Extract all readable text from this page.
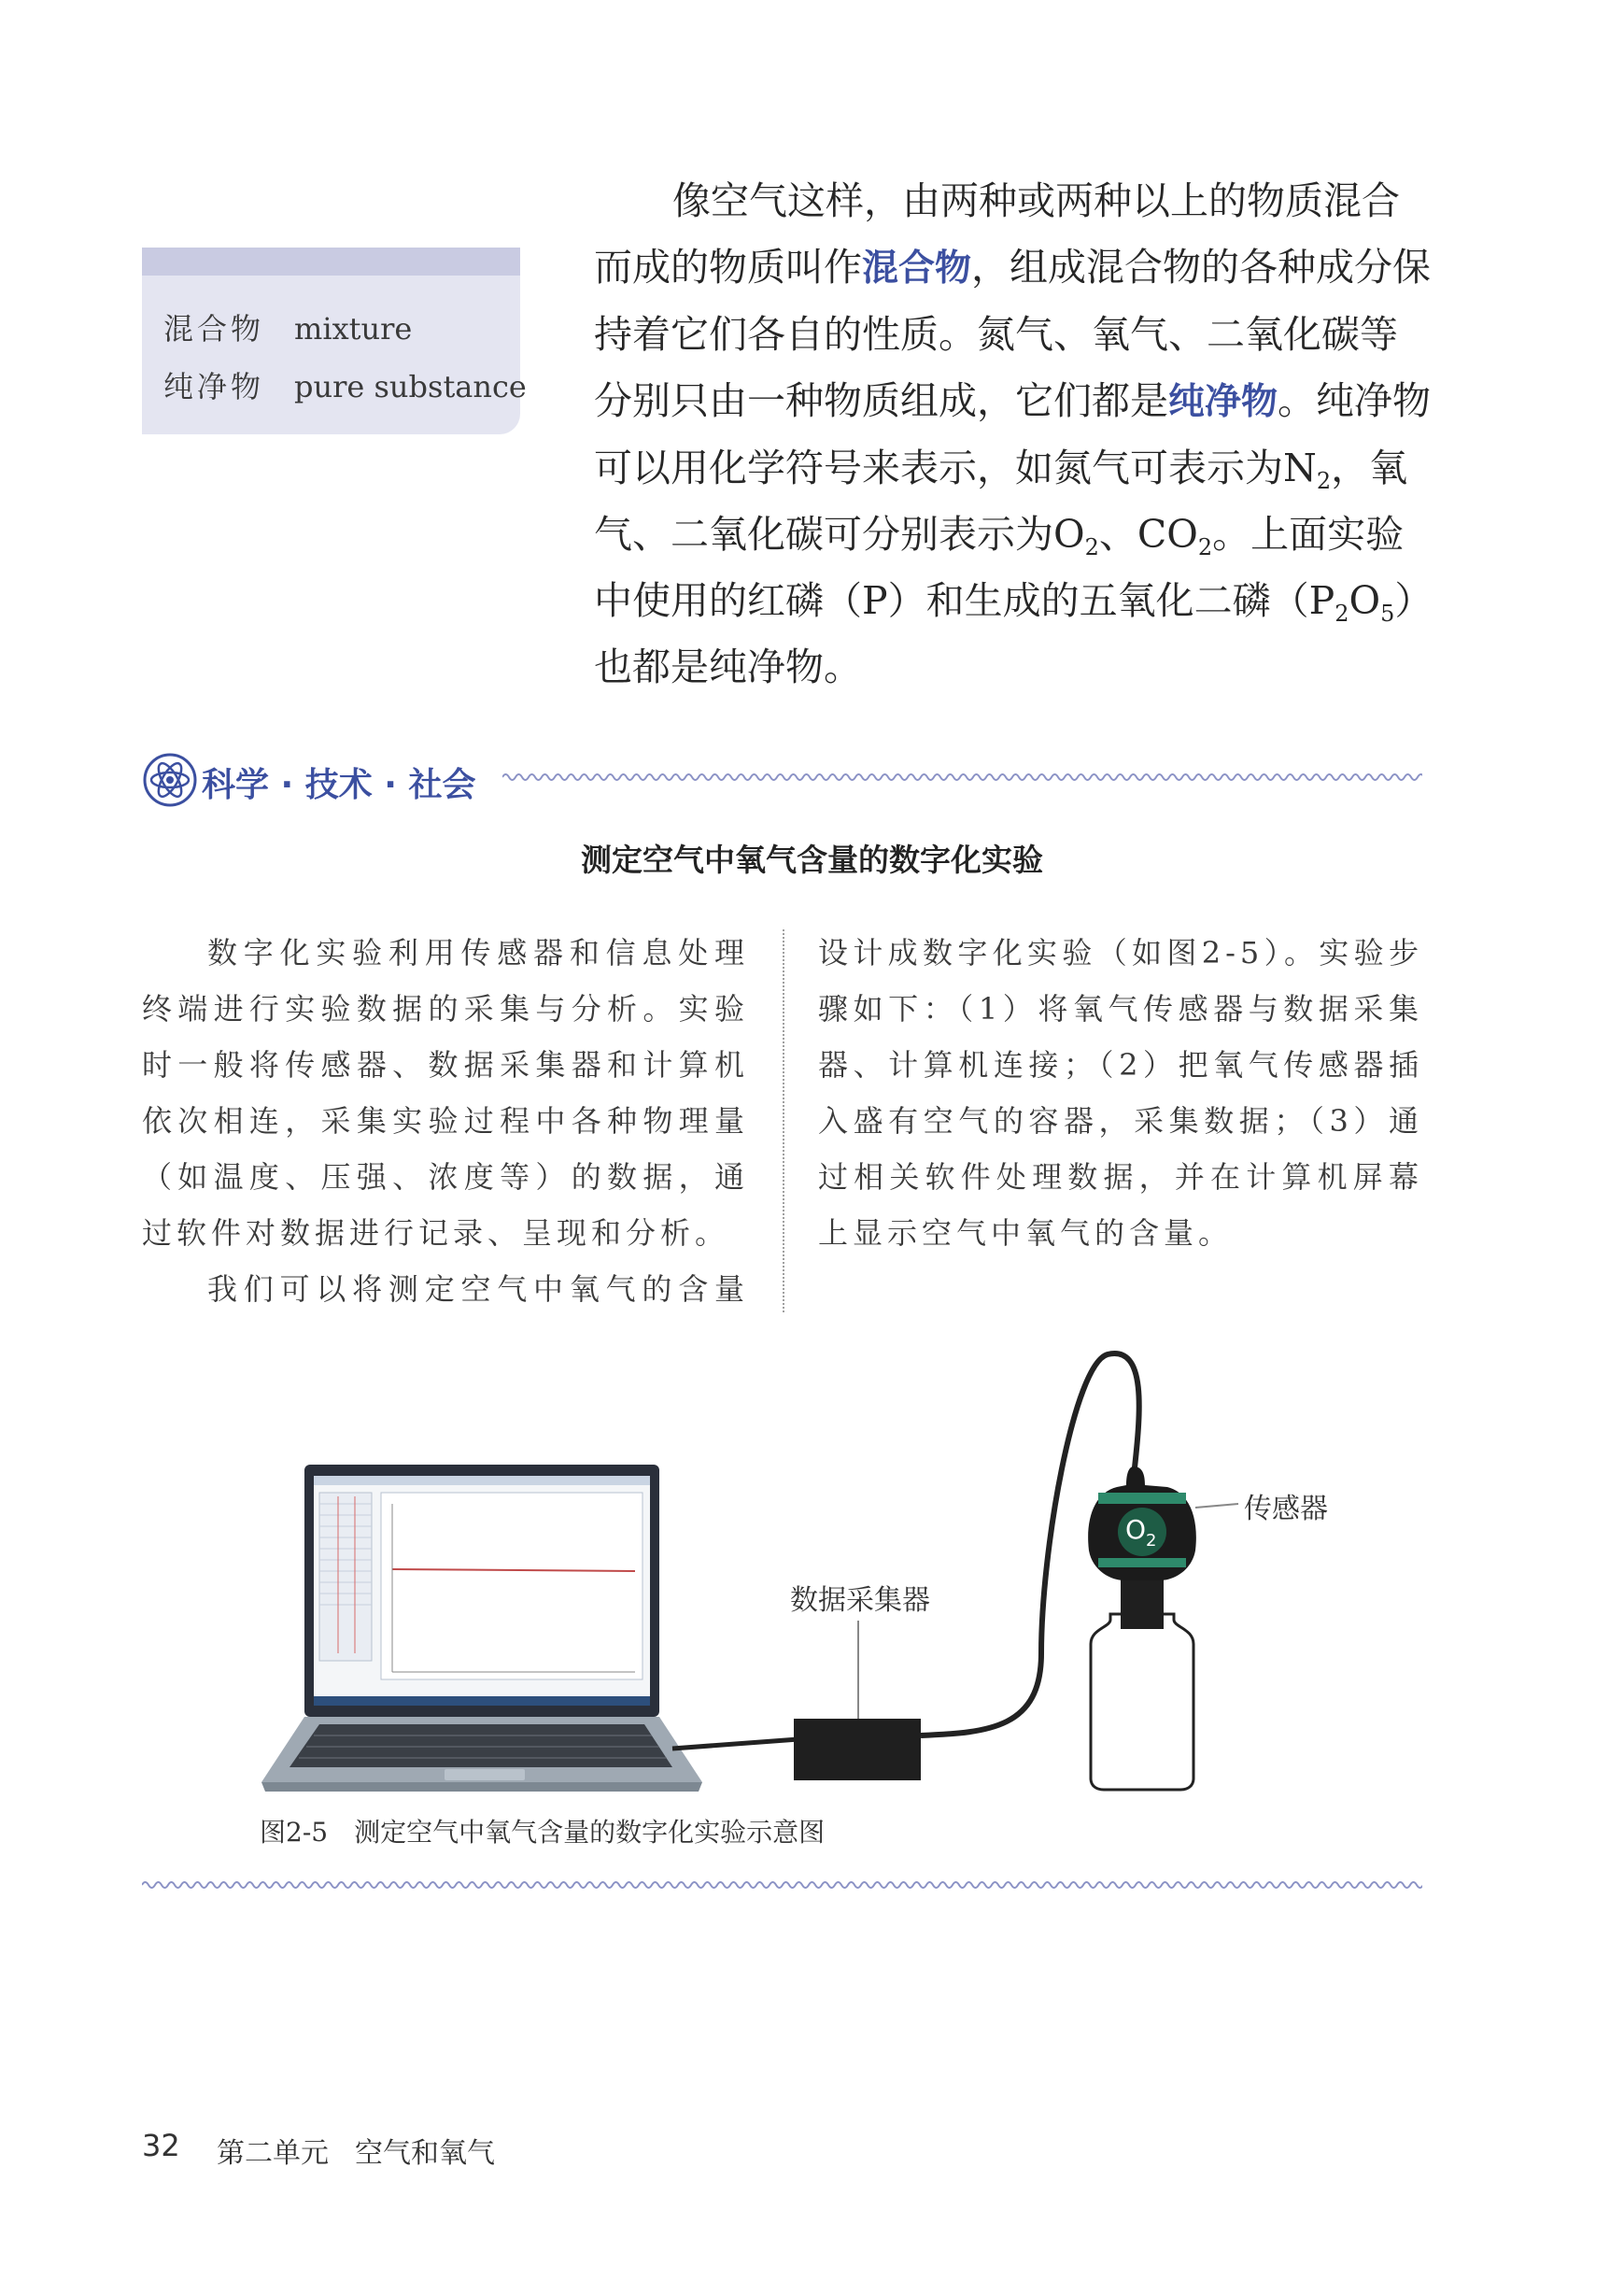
混合物 mixture
纯净物 pure substance
像空气这样，由两种或两种以上的物质混合而成的物质叫作混合物，组成混合物的各种成分保持着它们各自的性质。氮气、氧气、二氧化碳等分别只由一种物质组成，它们都是纯净物。纯净物可以用化学符号来表示，如氮气可表示为$N_2$，氧气、二氧化碳可分别表示为$O_2$、$CO_2$。上面实验中使用的红磷（P）和生成的五氧化二磷$(P_2O_5)$也都是纯净物。
科学 · 技术 · 社会
测定空气中氧气含量的数字化实验

数字化实验利用传感器和信息处理终端进行实验数据的采集与分析。实验时一般将传感器、数据采集器和计算机依次相连，采集实验过程中各种物理量（如温度、压强、浓度等）的数据，通过软件对数据进行记录、呈现和分析。

我们可以将测定空气中氧气的含量

设计成数字化实验（如图2-5）。实验步骤如下：（1）将氧气传感器与数据采集器、计算机连接；（2）把氧气传感器插入盛有空气的容器，采集数据；（3）通过相关软件处理数据，并在计算机屏幕上显示空气中氧气的含量。

$O_2$
传感器
数据采集器
图2-5　测定空气中氧气含量的数字化实验示意图
32 第二单元 空气和氧气
